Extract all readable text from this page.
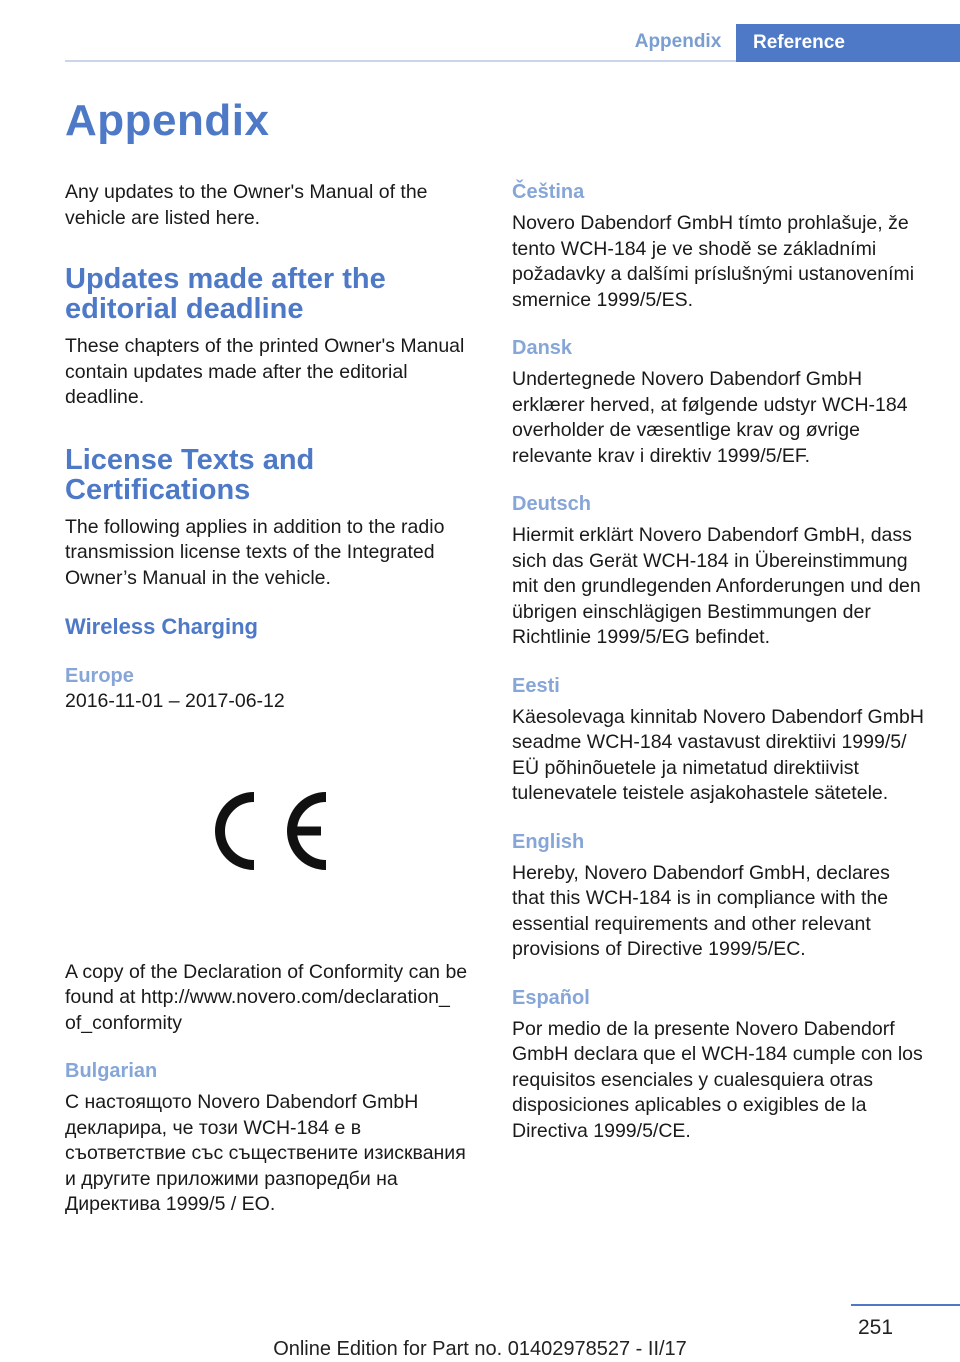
Appendix	Reference
Appendix

Any updates to the Owner's Manual of the vehicle are listed here.

Updates made after the editorial deadline

These chapters of the printed Owner's Manual contain updates made after the editorial deadline.

License Texts and Certifications

The following applies in addition to the radio transmission license texts of the Integrated Owner’s Manual in the vehicle.

Wireless Charging
Europe

2016-11-01 – 2017-06-12

A copy of the Declaration of Conformity can be found at http://www.novero.com/declaration_ of_conformity

Bulgarian

С настоящото Novero Dabendorf GmbH декларира, че този WCH-184 е в съответствие със съществените изисквания и другите приложими разпоредби на Директива 1999/5 / EO.

Čeština

Novero Dabendorf GmbH tímto prohlašuje, že tento WCH-184 je ve shodě se základními požadavky a dalšími príslušnými ustanoveními smernice 1999/5/ES.

Dansk

Undertegnede Novero Dabendorf GmbH erklærer herved, at følgende udstyr WCH-184 overholder de væsentlige krav og øvrige relevante krav i direktiv 1999/5/EF.

Deutsch

Hiermit erklärt Novero Dabendorf GmbH, dass sich das Gerät WCH-184 in Übereinstimmung mit den grundlegenden Anforderungen und den übrigen einschlägigen Bestimmungen der Richtlinie 1999/5/EG befindet.

Eesti

Käesolevaga kinnitab Novero Dabendorf GmbH seadme WCH-184 vastavust direktiivi 1999/5/ EÜ põhinõuetele ja nimetatud direktiivist tulenevatele teistele asjakohastele sätetele.

English

Hereby, Novero Dabendorf GmbH, declares that this WCH-184 is in compliance with the essential requirements and other relevant provisions of Directive 1999/5/EC.

Español

Por medio de la presente Novero Dabendorf GmbH declara que el WCH-184 cumple con los requisitos esenciales y cualesquiera otras disposiciones aplicables o exigibles de la Directiva 1999/5/CE.

251
Online Edition for Part no. 01402978527 - II/17
